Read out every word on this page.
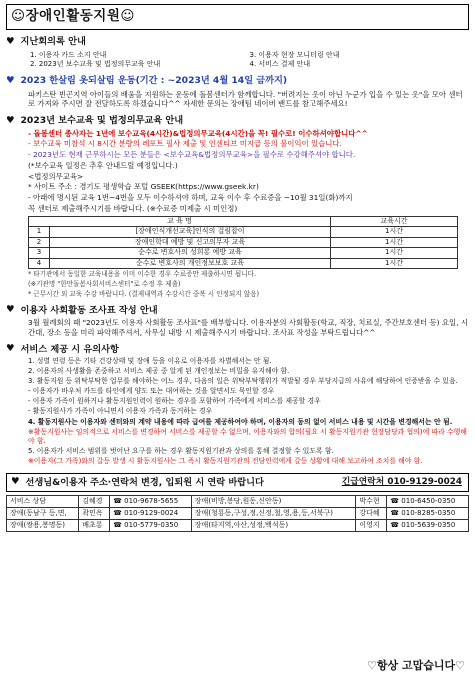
☺장애인활동지원☺
♥ 지난회의록 안내
1. 이용자 카드 소지 안내
2. 2023년 보수교육 및 법정의무교육 안내
3. 이용자 현장 모니터링 안내
4. 서비스 결제 안내
♥ 2023 한살림 옷되살림 운동(기간 : ~2023년 4월 14일 금까지)
파키스탄 빈곤지역 아이들의 배움을 지원하는 운동에 돌봄센터가 함께합니다. "버려지는 옷이 아닌 누군가 입을 수 있는 옷"을 모아 센터로 가져와 주시면 잘 전달하도록 하겠습니다^^ 자세한 문의는 장애팀 네이버 밴드를 참고해주세요!
♥ 2023년 보수교육 및 법정의무교육 안내
- 돌봄센터 종사자는 1년에 보수교육(4시간)&법정의무교육(4시간)을 꼭! 필수로! 이수하셔야합니다^^
- 보수교육 미참석 시 8시간 분량의 레포트 필사 제출 및 인센티브 미지급 등의 불이익이 있습니다.
- 2023년도 현재 근무하시는 모든 분들은 <보수교육&법정의무교육>을 필수로 수강해주셔야 합니다.
(*보수교육 일정은 추후 안내드릴 예정입니다.)
<법정의무교육>
* 사이트 주소 : 경기도 평생학습 포털 GSEEK(https://www.gseek.kr)
- 아래에 명시된 교육 1번~4번을 모두 이수하셔야 하며, 교육 이수 후 수료증을 ~10월 31일(화)까지
꼭 센터로 제출해주시기를 바랍니다. (※수료증 미제출 시 미인정)
교 육 명		교육시간
1	[장애인식개선교육]인식의 걸림잡이	1시간
2	장애인학대 예방 및 신고의무자 교육	1시간
3	순수로 변호사의 성희롱 예방 교육	1시간
4	순수로 변호사의 개인정보보호 교육	1시간
* 타기관에서 동일한 교육내용을 이미 이수한 경우 수료증만 제출하시면 됩니다.
(※기관명 "한만돌봄사회서비스센터"로 수정 후 제출)
* 근무시간 외 교육 수강 바랍니다. (결제내역과 수강시간 중복 시 인정되지 않음)
♥ 이용자 사회활동 조사표 작성 안내
3월 월례회의 때 "2023년도 이용자 사회활동 조사표"를 배부합니다. 이용자분의 사회활동(학교, 직장, 치료실, 주간보호센터 등) 요일, 시간대, 장소 등을 미리 파악해주셔서, 사무실 내방 시 제출해주시기 바랍니다. 조사표 작성을 부탁드립니다^^
♥ 서비스 제공 시 유의사항
1. 성별 연령 등은 기타 건강상태 및 장애 등을 이유로 이용자를 차별해서는 안 됨.
2. 이용자의 사생활을 존중하고 서비스 제공 중 알게 된 개인정보는 비밀을 유지해야 함.
3. 활동지원 등 위탁부탁한 업무를 해야하는 어느 경우, 다음의 일은 위탁부탁행위가 적발될 경우 부당지급의 사유에 해당하여 인증받을 수 있음.
- 이용자가 바우처 카드를 타인에게 양도 또는 대여하는 것을 알면서도 묵인할 경우
- 이용자 가족이 원하거나 활동지원인력이 원하는 경우를 포함하여 가족에게 서비스를 제공할 경우
- 활동지원사가 가족이 아니면서 이용자 가족과 동거하는 경우
4. 활동지원사는 이용자와 센터와의 계약 내용에 따라 급여를 제공하여야 하며, 이용자의 동의 없이 서비스 내용 및 시간을 변경해서는 안 됨.
※활동지원사는 임의적으로 서비스를 변경하여 서비스를 제공할 수 없으며, 이용자와의 합의(필요 시 활동지원기관 현장담당과 협의)에 따라 수행해야 함.
5. 이용자가 서비스 범위를 벗어난 요구를 하는 경우 활동지원기관과 상의를 통해 결정할 수 있도록 함.
※이용자(그 가족)와의 갈등 발생 시 활동지원사는 그 즉시 활동지원기관의 전담인력에게 갈등 상황에 대해 보고하여 조치를 해야 함.
♥ 선생님&이용자 주소·연락처 변경, 입퇴원 시 연락 바랍니다	긴급연락처 010-9129-0024
서비스 상담	김혜경	☎ 010-9678-5655	장애(비방,봉당,원동,신안동)	박수현	☎ 010-6450-0350
장애(동남구 등,면,	곽민옥	☎ 010-9129-0024	장애(청룡동,구성,정,신정,철,영,용,등,서북구)	강다혜	☎ 010-8285-0350
장애(쌍용,봉명동)	배초롱	☎ 010-5779-0350	장애(타지역,아산,성정,백석동)	이영지	☎ 010-5639-0350
♡항상 고맙습니다♡
